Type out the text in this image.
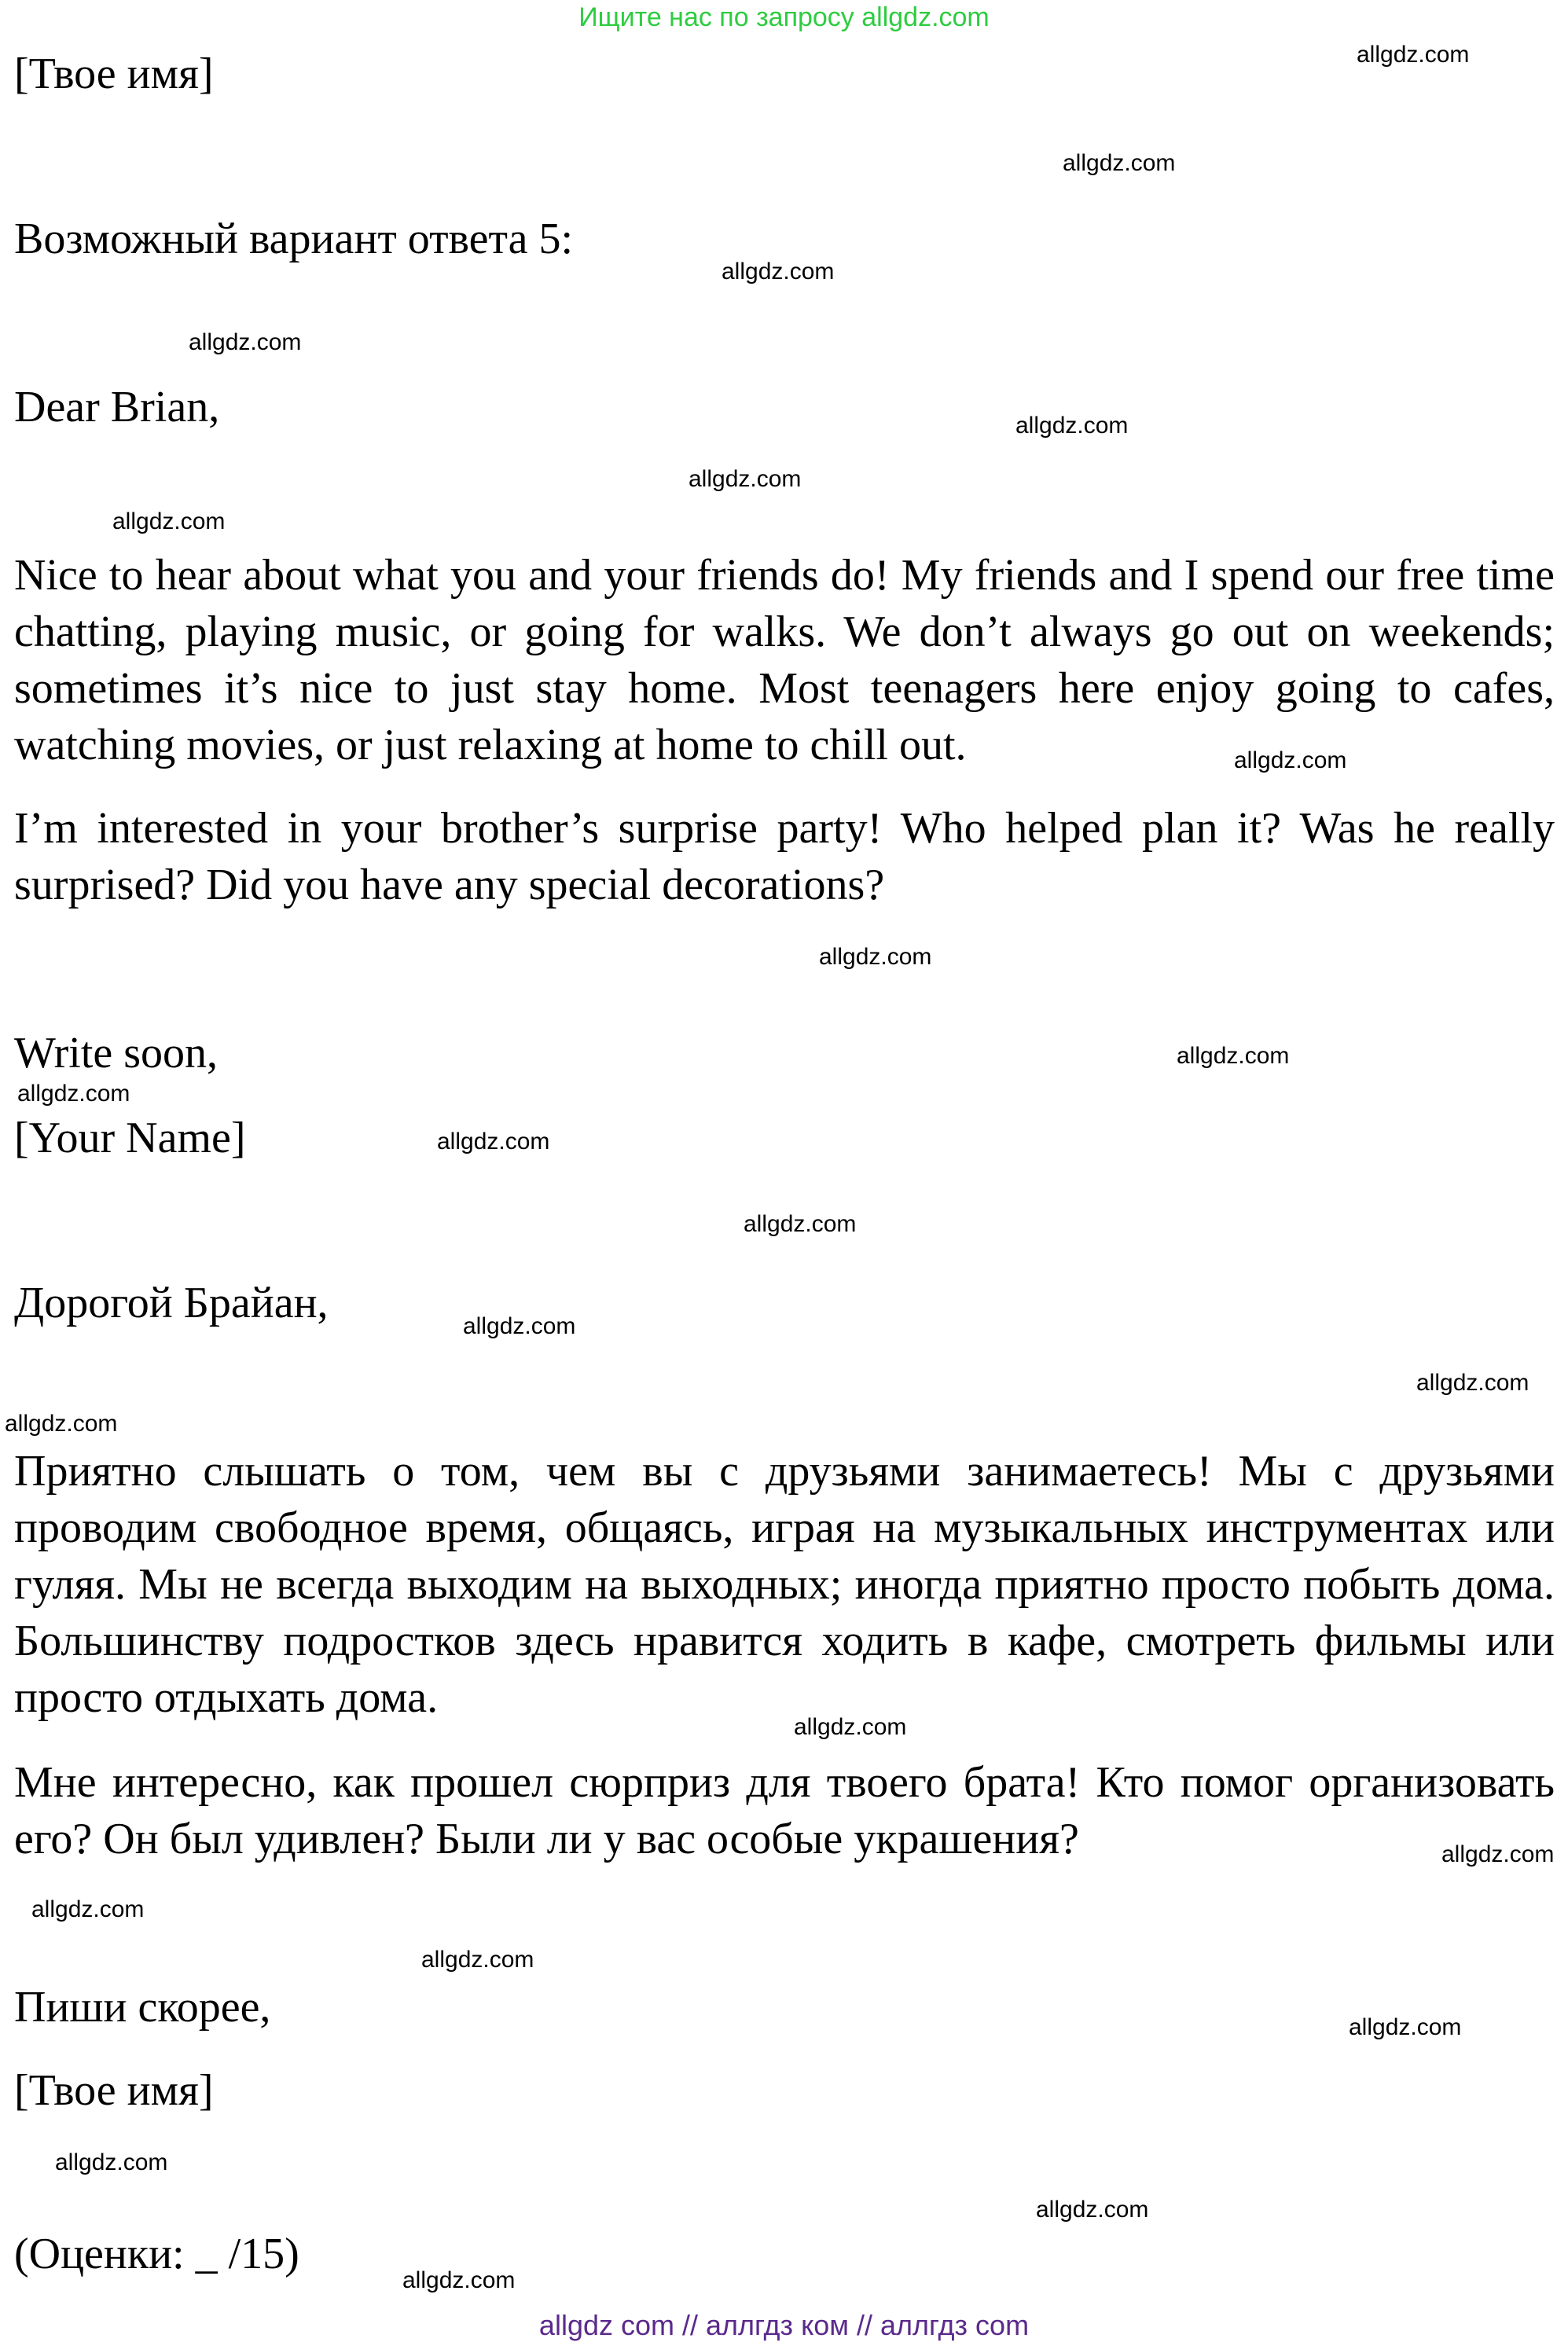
Ищите нас по запросу allgdz.com

[Твое имя]

Возможный вариант ответа 5:

Dear Brian,

Nice to hear about what you and your friends do! My friends and I spend our free time chatting, playing music, or going for walks. We don’t always go out on weekends; sometimes it’s nice to just stay home. Most teenagers here enjoy going to cafes, watching movies, or just relaxing at home to chill out.

I’m interested in your brother’s surprise party! Who helped plan it? Was he really surprised? Did you have any special decorations?

Write soon,

[Your Name]

Дорогой Брайан,

Приятно слышать о том, чем вы с друзьями занимаетесь! Мы с друзьями проводим свободное время, общаясь, играя на музыкальных инструментах или гуляя. Мы не всегда выходим на выходных; иногда приятно просто побыть дома. Большинству подростков здесь нравится ходить в кафе, смотреть фильмы или просто отдыхать дома.

Мне интересно, как прошел сюрприз для твоего брата! Кто помог организовать его? Он был удивлен? Были ли у вас особые украшения?

Пиши скорее,

[Твое имя]

(Оценки: _ /15)

allgdz.com
allgdz.com
allgdz.com
allgdz.com
allgdz.com
allgdz.com
allgdz.com
allgdz.com
allgdz.com
allgdz.com
allgdz.com
allgdz.com
allgdz.com
allgdz.com
allgdz.com
allgdz.com
allgdz.com
allgdz.com
allgdz.com
allgdz.com
allgdz.com
allgdz.com
allgdz.com
allgdz.com
allgdz com // аллгдз ком // аллгдз com
